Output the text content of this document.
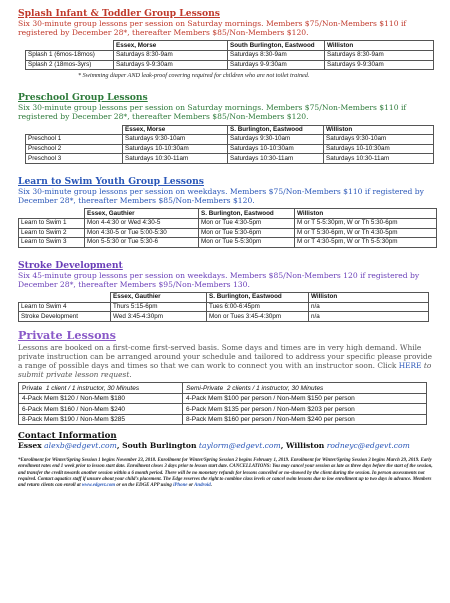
Splash Infant & Toddler Group Lessons

Six 30-minute group lessons per session on Saturday mornings. Members $75/Non-Members $110 if registered by December 28*, thereafter Members $85/Non-Members $120.

	Essex, Morse	South Burlington, Eastwood	Williston
Splash 1 (6mos-18mos)	Saturdays 8:30-9am	Saturdays 8:30-9am	Saturdays 8:30-9am
Splash 2 (18mos-3yrs)	Saturdays 9-9:30am	Saturdays 9-9:30am	Saturdays 9-9:30am

* Swimming diaper AND leak-proof covering required for children who are not toilet trained.

Preschool Group Lessons

Six 30-minute group lessons per session on Saturday mornings. Members $75/Non-Members $110 if registered by December 28*, thereafter Members $85/Non-Members $120.

	Essex, Morse	S. Burlington, Eastwood	Williston
Preschool 1	Saturdays 9:30-10am	Saturdays 9:30-10am	Saturdays 9:30-10am
Preschool 2	Saturdays 10-10:30am	Saturdays 10-10:30am	Saturdays 10-10:30am
Preschool 3	Saturdays 10:30-11am	Saturdays 10:30-11am	Saturdays 10:30-11am

Learn to Swim Youth Group Lessons

Six 30-minute group lessons per session on weekdays. Members $75/Non-Members $110 if registered by December 28*, thereafter Members $85/Non-Members $120.

	Essex, Gauthier	S. Burlington, Eastwood	Williston
Learn to Swim 1	Mon 4-4:30 or Wed 4:30-5	Mon or Tue 4:30-5pm	M or T 5-5:30pm, W or Th 5:30-6pm
Learn to Swim 2	Mon 4:30-5 or Tue 5:00-5:30	Mon or Tue 5:30-6pm	M or T 5:30-6pm, W or Th 4:30-5pm
Learn to Swim 3	Mon 5-5:30 or Tue 5:30-6	Mon or Tue 5-5:30pm	M or T 4:30-5pm, W or Th 5-5:30pm

Stroke Development

Six 45-minute group lessons per session on weekdays. Members $85/Non-Members 120 if registered by December 28*, thereafter Members $95/Non-Members 130.

	Essex, Gauthier	S. Burlington, Eastwood	Williston
Learn to Swim 4	Thurs 5:15-6pm	Tues 6:00-6:45pm	n/a
Stroke Development	Wed 3:45-4:30pm	Mon or Tues 3:45-4:30pm	n/a

Private Lessons

Lessons are booked on a first-come first-served basis. Some days and times are in very high demand. While private instruction can be arranged around your schedule and tailored to address your specific please provide a range of possible days and times so that we can work to connect you with an instructor soon. Click HERE to submit private lesson request.

Private 1 client / 1 instructor, 30 Minutes	Semi-Private 2 clients / 1 instructor, 30 Minutes
4-Pack Mem $120 / Non-Mem $180	4-Pack Mem $100 per person / Non-Mem $150 per person
6-Pack Mem $160 / Non-Mem $240	6-Pack Mem $135 per person / Non-Mem $203 per person
8-Pack Mem $190 / Non-Mem $285	8-Pack Mem $160 per person / Non-Mem $240 per person

Contact Information

Essex alexb@edgevt.com, South Burlington taylorm@edgevt.com, Williston rodneyc@edgevt.com

*Enrollment for Winter/Spring Session 1 begins November 23, 2018. Enrollment for Winter/Spring Session 2 begins February 1, 2019. Enrollment for Winter/Spring Session 3 begins March 29, 2019. Early enrollment rates end 1 week prior to lesson start date. Enrollment closes 3 days prior to lesson start date. CANCELLATIONS: You may cancel your session as late as three days before the start of the session, and transfer the credit towards another session within a 6 month period. There will be no monetary refunds for lessons cancelled or no-showed by the client during the session. In person assessments not required. Contact aquatics staff if unsure about your child's placement. The Edge reserves the right to combine class levels or cancel swim lessons due to low enrollment up to two days in advance. Members and return clients can enroll at www.edgevt.com or on the EDGE APP using iPhone or Android.
